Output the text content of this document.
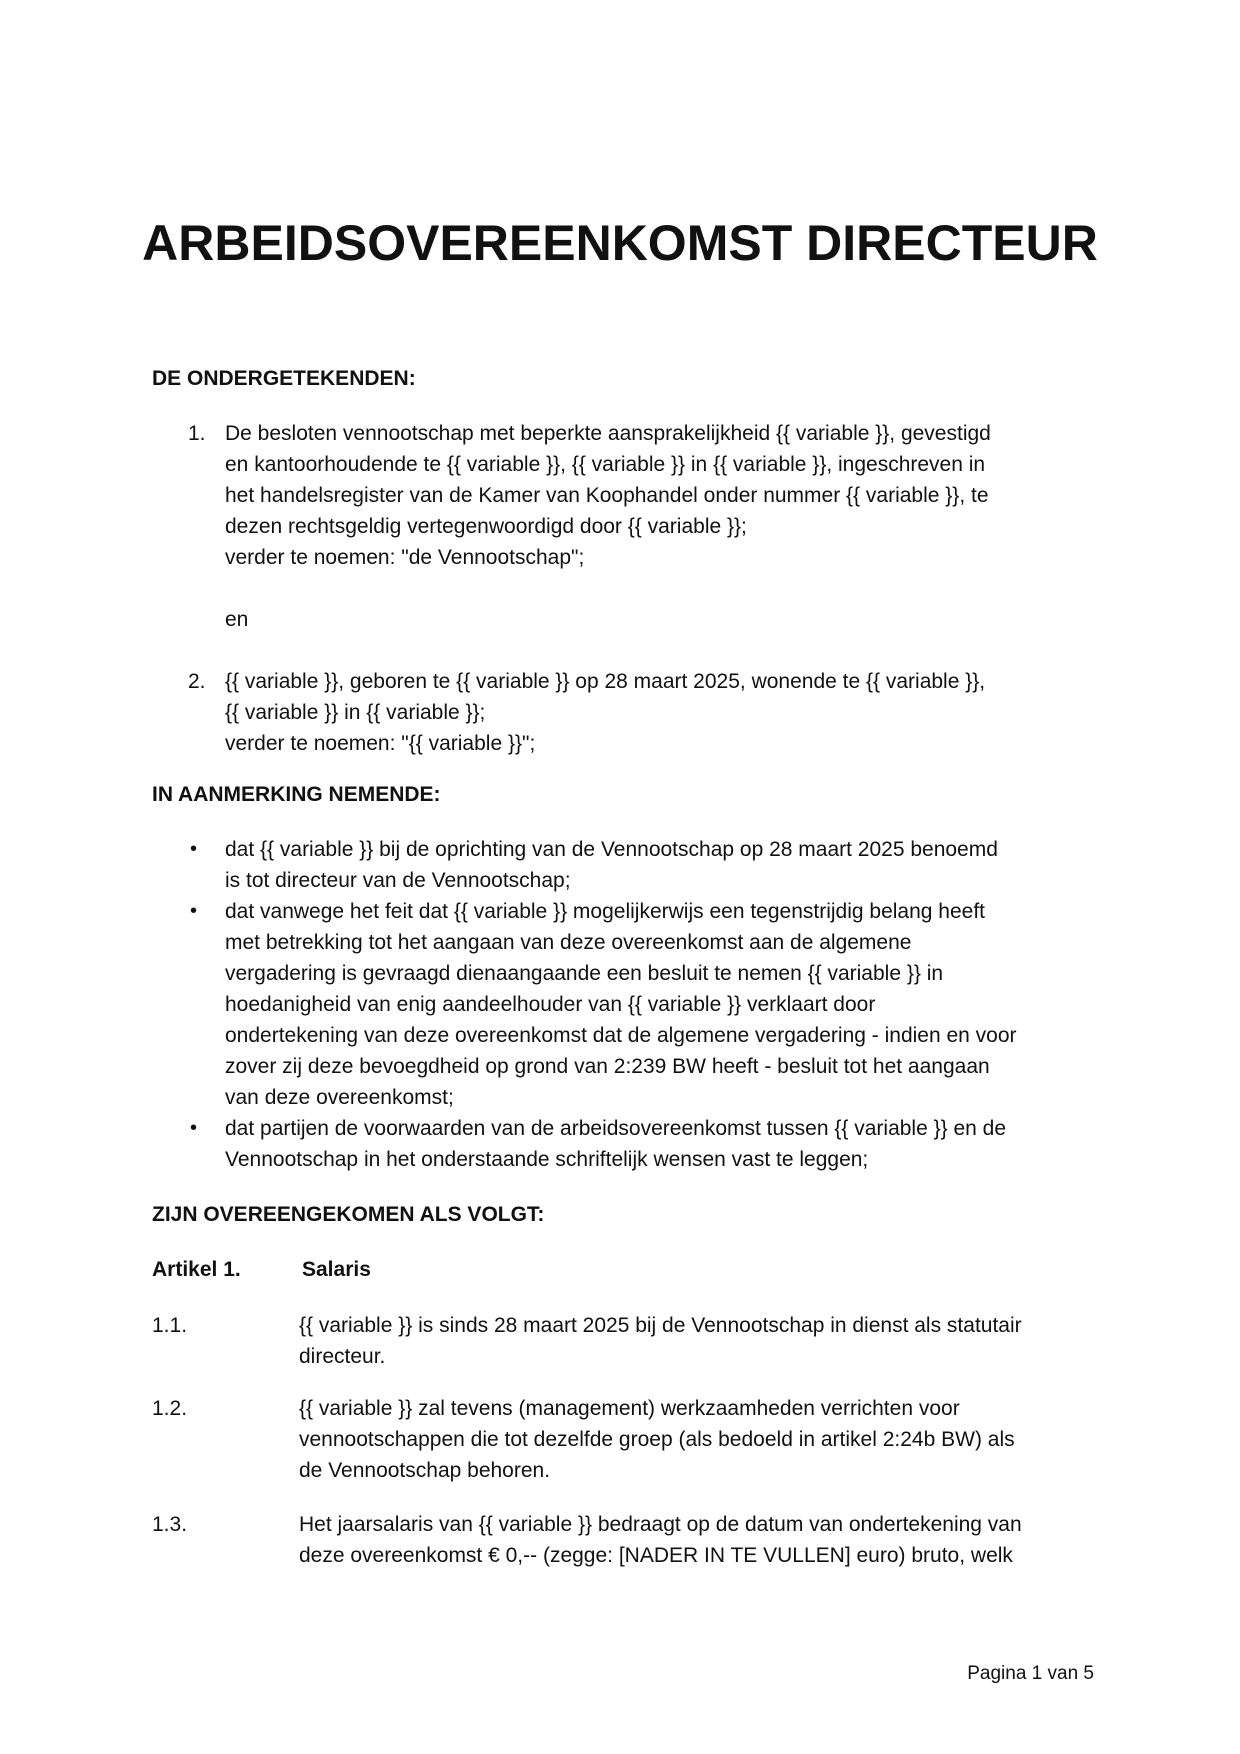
ARBEIDSOVEREENKOMST DIRECTEUR

DE ONDERGETEKENDEN:

1. De besloten vennootschap met beperkte aansprakelijkheid {{ variable }}, gevestigd
en kantoorhoudende te {{ variable }}, {{ variable }} in {{ variable }}, ingeschreven in
het handelsregister van de Kamer van Koophandel onder nummer {{ variable }}, te
dezen rechtsgeldig vertegenwoordigd door {{ variable }};
verder te noemen: "de Vennootschap";
en
2. {{ variable }}, geboren te {{ variable }} op 28 maart 2025, wonende te {{ variable }},
{{ variable }} in {{ variable }};
verder te noemen: "{{ variable }}";

IN AANMERKING NEMENDE:

• dat {{ variable }} bij de oprichting van de Vennootschap op 28 maart 2025 benoemd
is tot directeur van de Vennootschap;
• dat vanwege het feit dat {{ variable }} mogelijkerwijs een tegenstrijdig belang heeft
met betrekking tot het aangaan van deze overeenkomst aan de algemene
vergadering is gevraagd dienaangaande een besluit te nemen {{ variable }} in
hoedanigheid van enig aandeelhouder van {{ variable }} verklaart door
ondertekening van deze overeenkomst dat de algemene vergadering - indien en voor
zover zij deze bevoegdheid op grond van 2:239 BW heeft - besluit tot het aangaan
van deze overeenkomst;
• dat partijen de voorwaarden van de arbeidsovereenkomst tussen {{ variable }} en de
Vennootschap in het onderstaande schriftelijk wensen vast te leggen;

ZIJN OVEREENGEKOMEN ALS VOLGT:

Artikel 1.	Salaris
1.1.	{{ variable }} is sinds 28 maart 2025 bij de Vennootschap in dienst als statutair
directeur.
1.2.	{{ variable }} zal tevens (management) werkzaamheden verrichten voor
vennootschappen die tot dezelfde groep (als bedoeld in artikel 2:24b BW) als
de Vennootschap behoren.
1.3.	Het jaarsalaris van {{ variable }} bedraagt op de datum van ondertekening van
deze overeenkomst € 0,-- (zegge: [NADER IN TE VULLEN] euro) bruto, welk
Pagina 1 van 5
